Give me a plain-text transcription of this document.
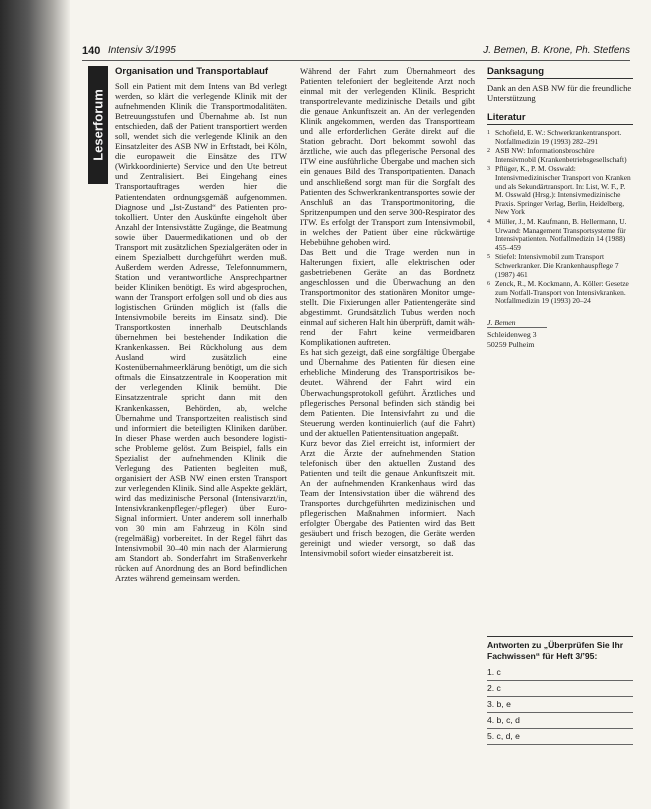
140 Intensiv 3/1995	J. Bemen, B. Krone, Ph. Stetfens
Leserforum
Organisation und Transportablauf

Soll ein Patient mit dem Intens van Bd verlegt werden, so klärt die verlegende Klinik mit der aufnehmenden Klinik die Transportmodalitäten. Betreuungsstufen und Übernahme ab. Ist nun entschieden, daß der Patient transportiert werden soll, wendet sich die verlegende Klinik an den Einsatzleiter des ASB NW in Erftstadt, bei Köln, die europaweit die Einsätze des ITW (Wirkkoordinierte) Service und den Ute betreut und Zentralisiert. Bei Eingehang eines Transportauftrages werden hier die Patientendaten ordnungsgemäß aufgenommen. Diagnose und „Ist-Zustand“ des Patienten protokolliert. Unter den Auskünfte eingeholt über Anzahl der Intensivstätte Zugänge, die Beatmung sowie über Dauermedikationen und ob der Transport mit zusätzlichen Spezialgeräten oder in einem Spezialbett durchgeführt werden muß. Außerdem werden Adresse, Telefonnummern, Station und verantwortliche Ansprechpartner beider Kliniken benötigt. Es wird abgesprochen, wann der Transport erfolgen soll und ob dies aus logistischen Gründen möglich ist (falls die Intensivmobile bereits im Einsatz sind). Die Transportkosten innerhalb Deutschlands übernehmen bei bestehender Indikation die Krankenkassen. Bei Rückholung aus dem Ausland wird zusätzlich eine Kostenübernahmeerklärung benötigt, um die sich oftmals die Einsatzzentrale in Kooperation mit der verlegenden Klinik bemüht. Die Einsatzzentrale spricht dann mit den Krankenkassen, Behörden, ab, welche Übernahme und Transportzeiten realistisch sind und informiert die beteiligten Kliniken darüber. In dieser Phase werden auch besondere logistische Probleme gelöst. Zum Beispiel, falls ein Spezialist der aufnehmenden Klinik die Verlegung des Patienten begleiten muß, organisiert der ASB NW einen ersten Transport zur verlegenden Klinik. Sind alle Aspekte geklärt, wird das medizinische Personal (Intensivarzt/in, Intensivkrankenpfleger/-pfleger) über Euro-Signal informiert. Unter anderem soll innerhalb von 30 min am Fahrzeug in Köln sind (regelmäßig) vorbereitet. In der Regel fährt das Intensivmobil 30–40 min nach der Alarmierung am Standort ab. Sonderfahrt im Straßenverkehr rücken auf Anordnung des an Bord befindlichen Arztes während gemeinsam werden.

Während der Fahrt zum Übernahmeort des Patienten telefoniert der begleitende Arzt noch einmal mit der verlegenden Klinik. Bespricht transportrelevante medizinische Details und gibt die genaue Ankunftszeit an. An der verlegenden Klinik angekommen, werden das Transportteam und alle erforderlichen Geräte direkt auf die Station gebracht. Dort bekommt sowohl das ärztliche, wie auch das pflegerische Personal des ITW eine ausführliche Übergabe und machen sich ein genaues Bild des Transportpatienten. Danach und anschließend sorgt man für die Sorgfalt des Patienten des Schwerkrankentransportes sowie der Anschluß an das Transportmonitoring, die Spritzenpumpen und den serve 300-Respirator des ITW. Es erfolgt der Transport zum Intensivmobil, in welches der Patient über eine rückwärtige Hebebühne gehoben wird.

Das Bett und die Trage werden nun in Halterungen fixiert, alle elektrischen oder gasbetriebenen Geräte an das Bordnetz angeschlossen und die Überwachung an den Transportmonitor des stationären Monitor umgestellt. Die Fixierungen aller Patientengeräte sind abgestimmt. Grundsätzlich Tubus werden noch einmal auf sicheren Halt hin überprüft, damit während der Fahrt keine vermeidbaren Komplikationen auftreten.

Es hat sich gezeigt, daß eine sorgfältige Übergabe und Übernahme des Patienten für diesen eine erhebliche Minderung des Transportrisikos bedeutet. Während der Fahrt wird ein Überwachungsprotokoll geführt. Ärztliches und pflegerisches Personal befinden sich ständig bei dem Patienten. Die Intensivfahrt zu und die Steuerung werden kontinuierlich (auf die Fahrt) und der aktuellen Patientensituation angepaßt.

Kurz bevor das Ziel erreicht ist, informiert der Arzt die Ärzte der aufnehmenden Station telefonisch über den aktuellen Zustand des Patienten und teilt die genaue Ankunftszeit mit. An der aufnehmenden Krankenhaus wird das Team der Intensivstation über die während des Transportes durchgeführten medizinischen und pflegerischen Maßnahmen informiert. Nach erfolgter Übergabe des Patienten wird das Bett gesäubert und frisch bezogen, die Geräte werden gereinigt und wieder versorgt, so daß das Intensivmobil sofort wieder einsatzbereit ist.

Danksagung
Dank an den ASB NW für die freundliche Unterstützung
Literatur
1 Schofield, E. W.: Schwerkrankentransport. Notfallmedizin 19 (1993) 282–291
2 ASB NW: Informationsbroschüre Intensivmobil (Krankenbetriebsgesellschaft)
3 Pflüger, K., P. M. Osswald: Intensivmedizinischer Transport von Kranken und als Sekundärtransport. In: List, W. F., P. M. Osswald (Hrsg.): Intensivmedizinische Praxis. Springer Verlag, Berlin, Heidelberg, New York
4 Müller, J., M. Kaufmann, B. Hellermann, U. Urwand: Management Transportsysteme für Intensivpatienten. Notfallmedizin 14 (1988) 455–459
5 Stiefel: Intensivmobil zum Transport Schwerkranker. Die Krankenhauspflege 7 (1987) 461
6 Zenck, R., M. Kockmann, A. Köller: Gesetze zum Notfall-Transport von Intensivkranken. Notfallmedizin 19 (1993) 20–24
J. Bemen
Schleidenweg 3
50259 Pulheim
Antworten zu „Überprüfen Sie Ihr Fachwissen“ für Heft 3/’95:
1. c
2. c
3. b, e
4. b, c, d
5. c, d, e
